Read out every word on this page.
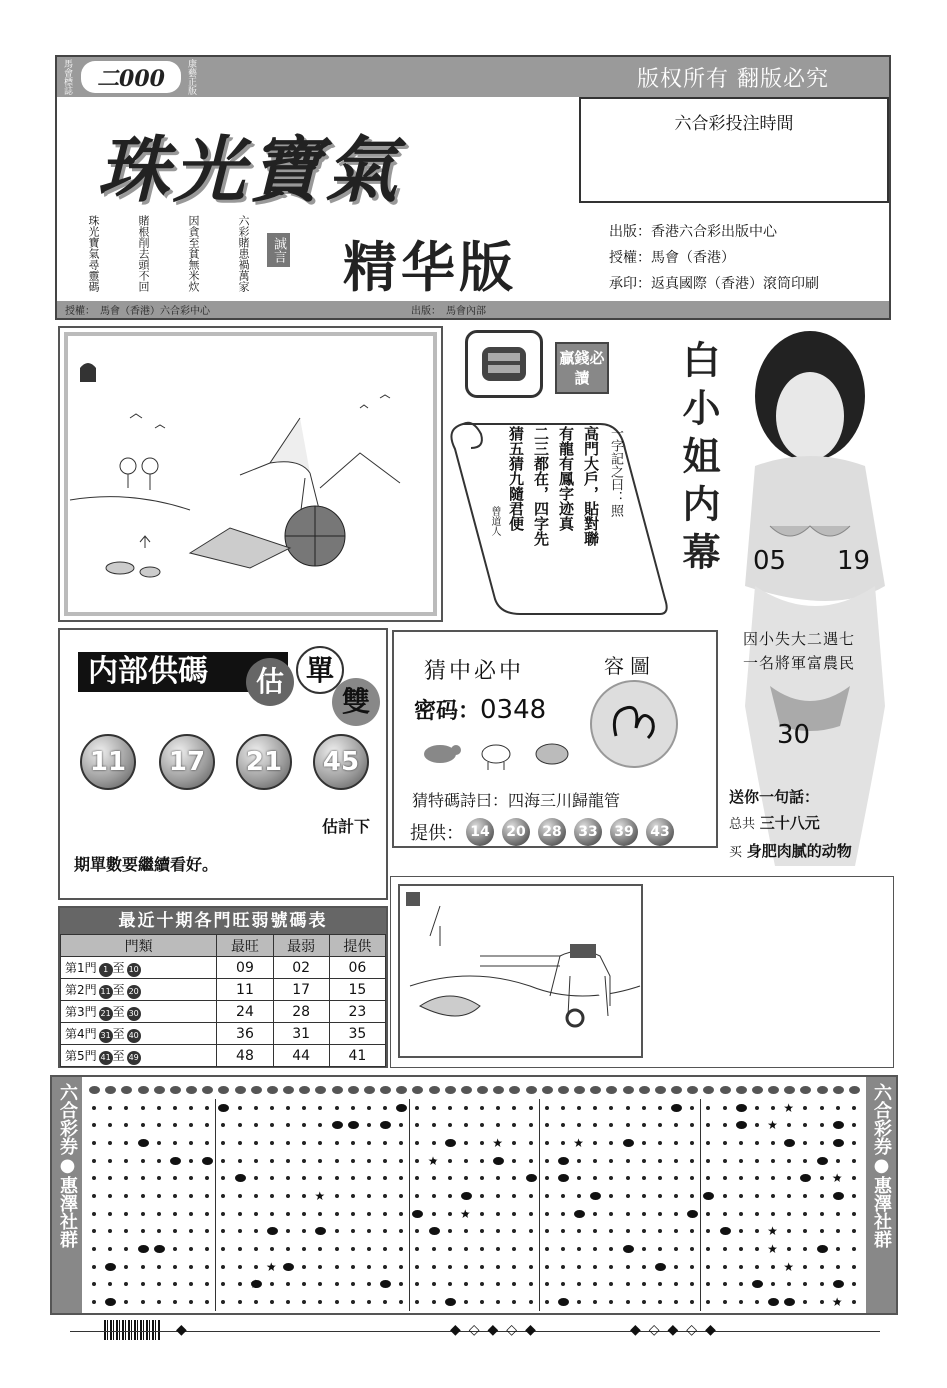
馬會標誌 二000 康藝正版	版权所有 翻版必究
六合彩投注時間
珠光寶氣
珠光寶氣尋靈碼	賭根削去頭不回	因貪至貧無米炊	六彩賭患禍萬家	誠言 精华版
出版：香港六合彩出版中心
授權：馬會（香港）
承印：返真國際（香港）滾筒印刷
授權：　馬會（香港）六合彩中心	出版：　馬會內部
贏錢必讀
一字記之曰：照
高門大戶，貼對聯
有龍有鳳字迹真
二三都在，四字先
猜五猜九隨君便
曾道人	白小姐内幕 05 19
因小失大二遇七
一名將軍富農民
30
送你一句話：
总共 三十八元
买 身肥肉腻的动物
内部供碼	估 單
雙
11	17	21	45
估計下
期單數要繼續看好。
猜中必中	容圖
密码：0348
猜特碼詩曰：四海三川歸龍管
提供： 14	20	28	33	39	43
最近十期各門旺弱號碼表
門類	最旺	最弱	提供
第1門 1 至 10	09	02	06
第2門 11 至 20	11	17	15
第3門 21 至 30	24	28	23
第4門 31 至 40	36	31	35
第5門 41 至 49	48	44	41
六合彩券●惠澤社群	六合彩券●惠澤社群
★
★
★
★
★
★
★
★
★
★
★
★
★
★
◆◇◆◇◆	◆◇◆◇◆
◆
